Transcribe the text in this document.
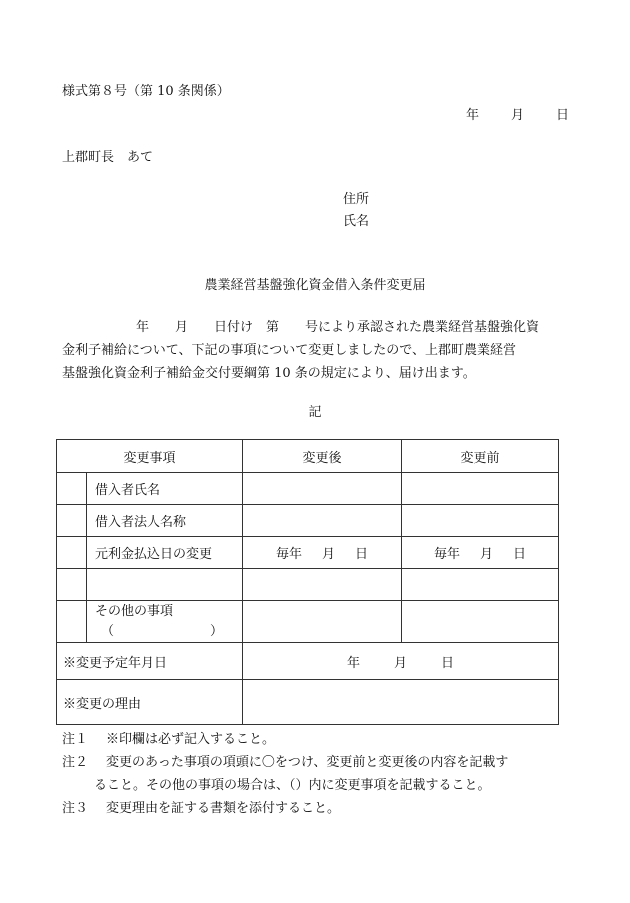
様式第８号（第 10 条関係）
年 月 日
上郡町長　あて
住所
氏名
農業経営基盤強化資金借入条件変更届

　　　　年　　月　　日付け　第　　号により承認された農業経営基盤強化資

金利子補給について、下記の事項について変更しましたので、上郡町農業経営

基盤強化資金利子補給金交付要綱第 10 条の規定により、届け出ます。

記
変更事項		変更後	変更前
	借入者氏名		
	借入者法人名称		
	元利金払込日の変更	毎年 月 日	毎年 月 日

	その他の事項
（ ）		

※変更予定年月日		年 月 日	
※変更の理由			
注１	※印欄は必ず記入すること。
注２	変更のあった事項の項頭に〇をつけ、変更前と変更後の内容を記載す
ること。その他の事項の場合は、（）内に変更事項を記載すること。
注３	変更理由を証する書類を添付すること。
